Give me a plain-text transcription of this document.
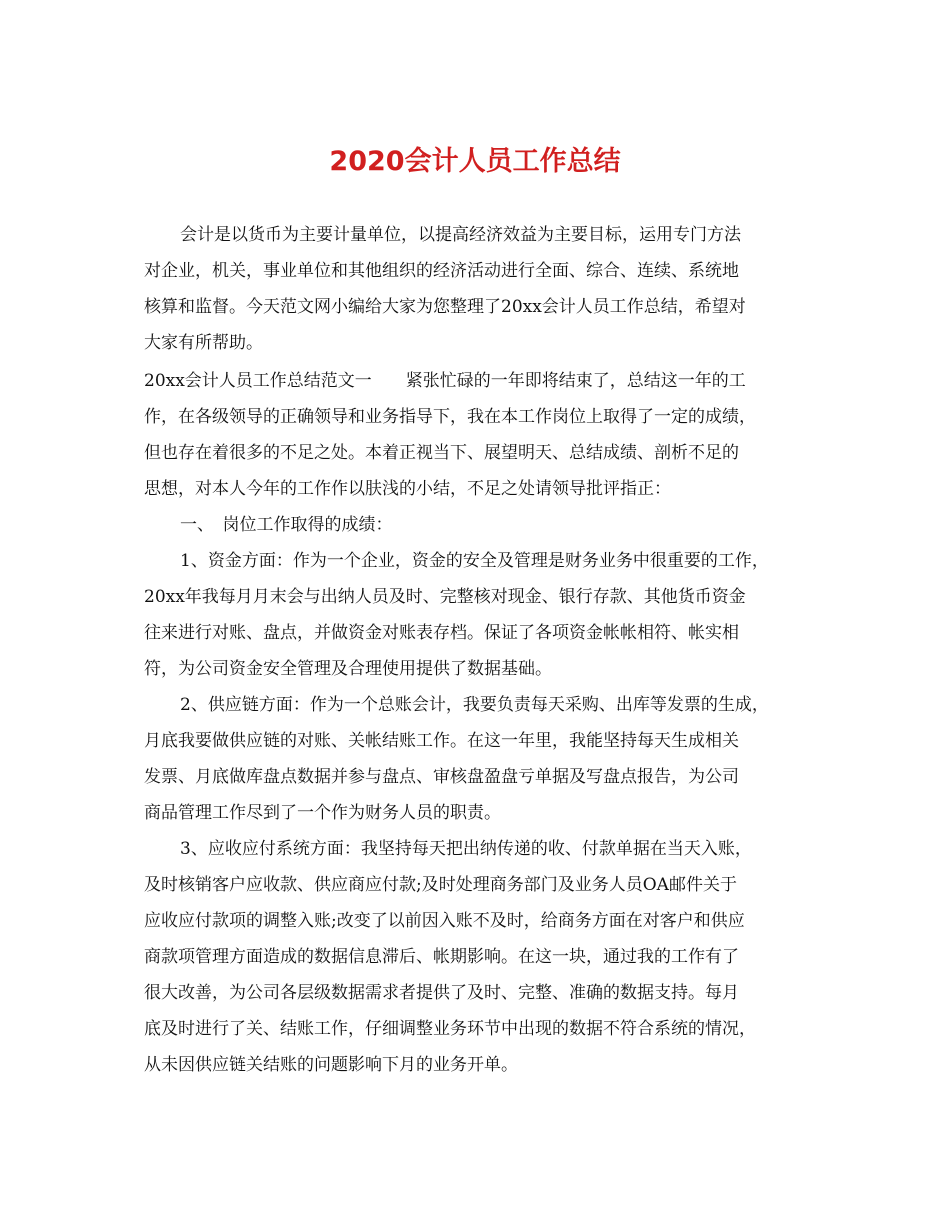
2020会计人员工作总结

会计是以货币为主要计量单位，以提高经济效益为主要目标，运用专门方法

对企业，机关，事业单位和其他组织的经济活动进行全面、综合、连续、系统地

核算和监督。今天范文网小编给大家为您整理了20xx会计人员工作总结，希望对

大家有所帮助。

20xx会计人员工作总结范文一　　紧张忙碌的一年即将结束了，总结这一年的工

作，在各级领导的正确领导和业务指导下，我在本工作岗位上取得了一定的成绩，

但也存在着很多的不足之处。本着正视当下、展望明天、总结成绩、剖析不足的

思想，对本人今年的工作作以肤浅的小结，不足之处请领导批评指正：

一、　岗位工作取得的成绩：

1、资金方面：作为一个企业，资金的安全及管理是财务业务中很重要的工作，

20xx年我每月月末会与出纳人员及时、完整核对现金、银行存款、其他货币资金

往来进行对账、盘点，并做资金对账表存档。保证了各项资金帐帐相符、帐实相

符，为公司资金安全管理及合理使用提供了数据基础。

2、供应链方面：作为一个总账会计，我要负责每天采购、出库等发票的生成，

月底我要做供应链的对账、关帐结账工作。在这一年里，我能坚持每天生成相关

发票、月底做库盘点数据并参与盘点、审核盘盈盘亏单据及写盘点报告，为公司

商品管理工作尽到了一个作为财务人员的职责。

3、应收应付系统方面：我坚持每天把出纳传递的收、付款单据在当天入账，

及时核销客户应收款、供应商应付款;及时处理商务部门及业务人员OA邮件关于

应收应付款项的调整入账;改变了以前因入账不及时，给商务方面在对客户和供应

商款项管理方面造成的数据信息滞后、帐期影响。在这一块，通过我的工作有了

很大改善，为公司各层级数据需求者提供了及时、完整、准确的数据支持。每月

底及时进行了关、结账工作，仔细调整业务环节中出现的数据不符合系统的情况，

从未因供应链关结账的问题影响下月的业务开单。
